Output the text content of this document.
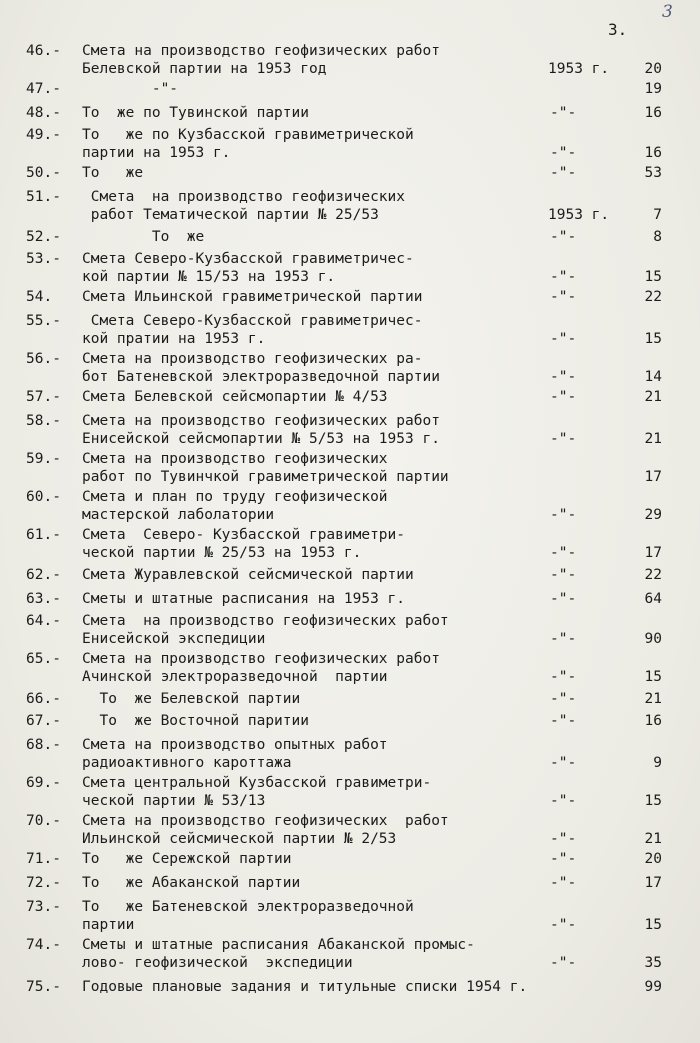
3.
3
46.- Смета на производство геофизических работ
Белевской партии на 1953 год	1953 г.	20
47.- -"-	19
48.- То  же по Тувинской партии	-"-	16
49.- То   же по Кузбасской гравиметрической
партии на 1953 г.	-"-	16
50.- То   же	-"-	53
51.- Смета  на производство геофизических
работ Тематической партии № 25/53	1953 г.	7
52.- То  же	-"-	8
53.- Смета Северо-Кузбасской гравиметричес-
кой партии № 15/53 на 1953 г.	-"-	15
54. Смета Ильинской гравиметрической партии	-"-	22
55.- Смета Северо-Кузбасской гравиметричес-
кой пратии на 1953 г.	-"-	15
56.- Смета на производство геофизических ра-
бот Батеневской электроразведочной партии	-"-	14
57.- Смета Белевской сейсмопартии № 4/53	-"-	21
58.- Смета на производство геофизических работ
Енисейской сейсмопартии № 5/53 на 1953 г.	-"-	21
59.- Смета на производство геофизических
работ по Тувинчкой гравиметрической партии	17
60.- Смета и план по труду геофизической
мастерской лаболатории	-"-	29
61.- Смета  Северо- Кузбасской гравиметри-
ческой партии № 25/53 на 1953 г.	-"-	17
62.- Смета Журавлевской сейсмической партии	-"-	22
63.- Сметы и штатные расписания на 1953 г.	-"-	64
64.- Смета  на производство геофизических работ
Енисейской экспедиции	-"-	90
65.- Смета на производство геофизических работ
Ачинской электроразведочной  партии	-"-	15
66.- То  же Белевской партии	-"-	21
67.- То  же Восточной паритии	-"-	16
68.- Смета на производство опытных работ
радиоактивного кароттажа	-"-	9
69.- Смета центральной Кузбасской гравиметри-
ческой партии № 53/13	-"-	15
70.- Смета на производство геофизических  работ
Ильинской сейсмической партии № 2/53	-"-	21
71.- То   же Сережской партии	-"-	20
72.- То   же Абаканской партии	-"-	17
73.- То   же Батеневской электроразведочной
партии	-"-	15
74.- Сметы и штатные расписания Абаканской промыс-
лово- геофизической  экспедиции	-"-	35
75.- Годовые плановые задания и титульные списки 1954 г.	99
